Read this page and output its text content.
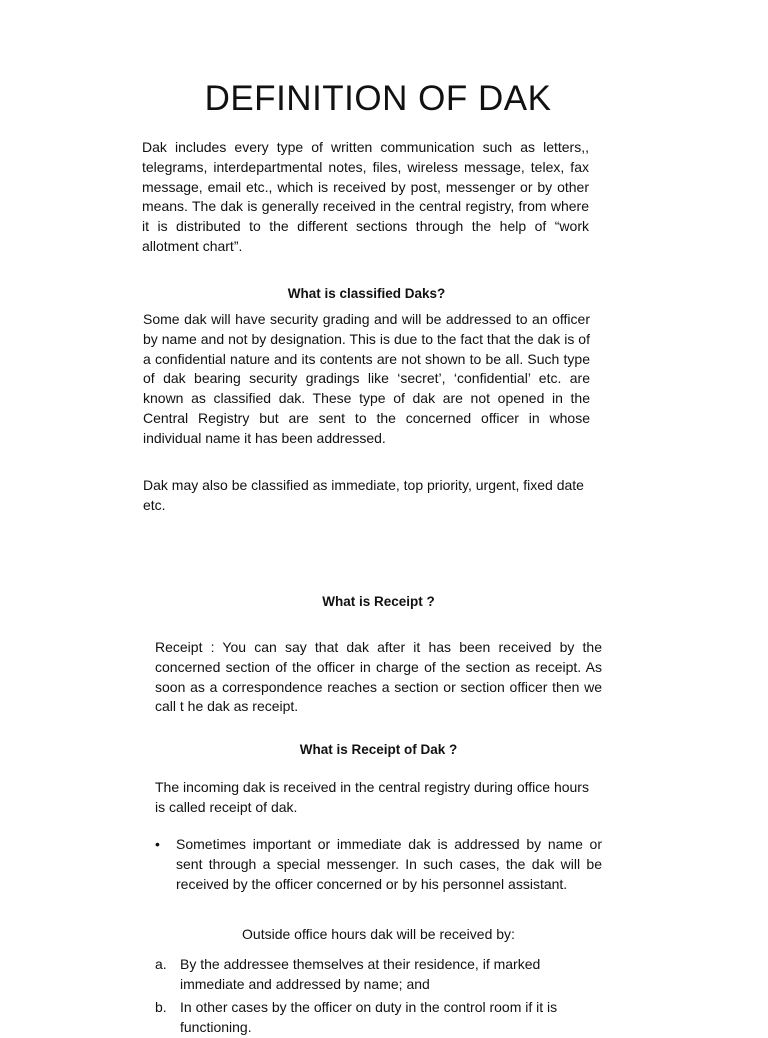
DEFINITION OF DAK

Dak includes every type of written communication such as letters,, telegrams, interdepartmental notes, files, wireless message, telex, fax message, email etc., which is received by post, messenger or by other means. The dak is generally received in the central registry, from where it is distributed to the different sections through the help of “work allotment chart”.

What is classified Daks?

Some dak will have security grading and will be addressed to an officer by name and not by designation. This is due to the fact that the dak is of a confidential nature and its contents are not shown to be all. Such type of dak bearing security gradings like ‘secret’, ‘confidential’ etc. are known as classified dak. These type of dak are not opened in the Central Registry but are sent to the concerned officer in whose individual name it has been addressed.

Dak may also be classified as immediate, top priority, urgent, fixed date etc.

What is Receipt ?

Receipt : You can say that dak after it has been received by the concerned section of the officer in charge of the section as receipt. As soon as a correspondence reaches a section or section officer then we call t he dak as receipt.

What is Receipt of Dak ?

The incoming dak is received in the central registry during office hours is called receipt of dak.

• Sometimes important or immediate dak is addressed by name or sent through a special messenger. In such cases, the dak will be received by the officer concerned or by his personnel assistant.

Outside office hours dak will be received by:

a. By the addressee themselves at their residence, if marked immediate and addressed by name; and

b. In other cases by the officer on duty in the control room if it is functioning.
